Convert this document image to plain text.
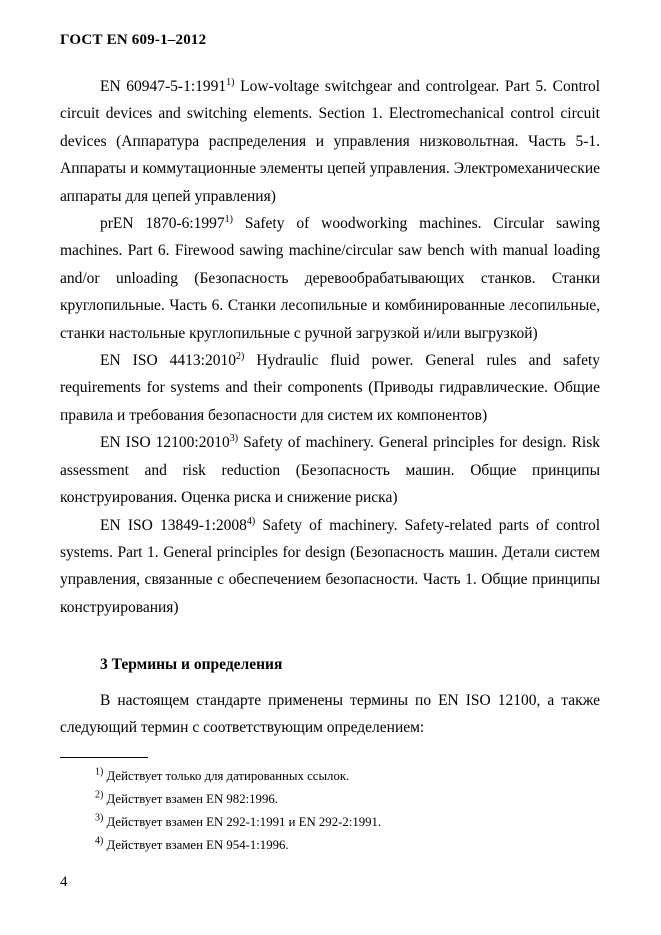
ГОСТ EN 609-1–2012

EN 60947-5-1:1991$^{1)}$ Low-voltage switchgear and controlgear. Part 5. Control circuit devices and switching elements. Section 1. Electromechanical control circuit devices (Аппаратура распределения и управления низковольтная. Часть 5-1. Аппараты и коммутационные элементы цепей управления. Электромеханические аппараты для цепей управления)

prEN 1870-6:1997$^{1)}$ Safety of woodworking machines. Circular sawing machines. Part 6. Firewood sawing machine/circular saw bench with manual loading and/or unloading (Безопасность деревообрабатывающих станков. Станки круглопильные. Часть 6. Станки лесопильные и комбинированные лесопильные, станки настольные круглопильные с ручной загрузкой и/или выгрузкой)

EN ISO 4413:2010$^{2)}$ Hydraulic fluid power. General rules and safety requirements for systems and their components (Приводы гидравлические. Общие правила и требования безопасности для систем их компонентов)

EN ISO 12100:2010$^{3)}$ Safety of machinery. General principles for design. Risk assessment and risk reduction (Безопасность машин. Общие принципы конструирования. Оценка риска и снижение риска)

EN ISO 13849-1:2008$^{4)}$ Safety of machinery. Safety-related parts of control systems. Part 1. General principles for design (Безопасность машин. Детали систем управления, связанные с обеспечением безопасности. Часть 1. Общие принципы конструирования)

3 Термины и определения

В настоящем стандарте применены термины по EN ISO 12100, а также следующий термин с соответствующим определением:

$^{1)}$ Действует только для датированных ссылок.
$^{2)}$ Действует взамен EN 982:1996.
$^{3)}$ Действует взамен EN 292-1:1991 и EN 292-2:1991.
$^{4)}$ Действует взамен EN 954-1:1996.
4
